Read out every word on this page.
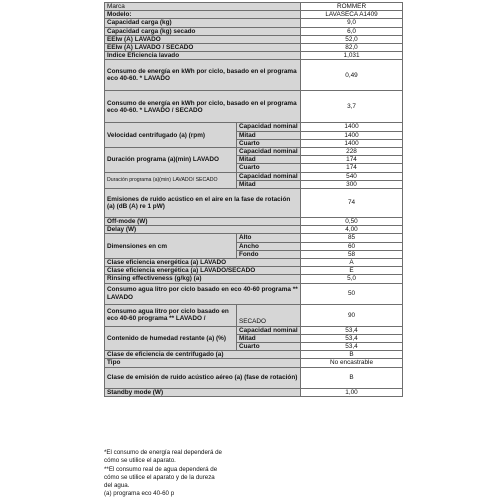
Marca		ROMMER
Modelo:		LAVASECA A1409
Capacidad carga (kg)		9,0
Capacidad carga (kg) secado		6,0
EEIw (A) LAVADO		52,0
EEIw (A) LAVADO / SECADO		82,0
Indice Eficiencia lavado		1,031
Consumo de energía en kWh por ciclo, basado en el programa eco 40-60. * LAVADO		0,49
Consumo de energía en kWh por ciclo, basado en el programa eco 40-60. * LAVADO / SECADO		3,7
Velocidad centrifugado (a) (rpm)	Capacidad nominal	1400
	Mitad	1400
	Cuarto	1400
Duración programa (a)(min) LAVADO	Capacidad nominal	228
	Mitad	174
	Cuarto	174
Duración programa (a)(min) LAVADO/ SECADO	Capacidad nominal	540
	Mitad	300
Emisiones de ruido acústico en el aire en la fase de rotación (a) (dB (A) re 1 pW)		74
Off-mode (W)		0,50
Delay (W)		4,00
Dimensiones en cm	Alto	85
	Ancho	60
	Fondo	58
Clase eficiencia energética (a) LAVADO		A
Clase eficiencia energética (a) LAVADO/SECADO		E
Rinsing effectiveness (g/kg) (a)		5,0
Consumo agua litro por ciclo basado en eco 40-60 programa ** LAVADO		50
Consumo agua litro por ciclo basado en eco 40-60 programa ** LAVADO /	SECADO	90
Contenido de humedad restante (a) (%)	Capacidad nominal	53,4
	Mitad	53,4
	Cuarto	53,4
Clase de eficiencia de centrifugado (a)		B
Tipo		No encastrable
Clase de emisión de ruido acústico aéreo (a) (fase de rotación)		B
Standby mode (W)		1,00
*El consumo de energía real dependerá de
cómo se utilice el aparato.
**El consumo real de agua dependerá de
cómo se utilice el aparato y de la dureza
del agua.
(a) programa eco 40-60 p
